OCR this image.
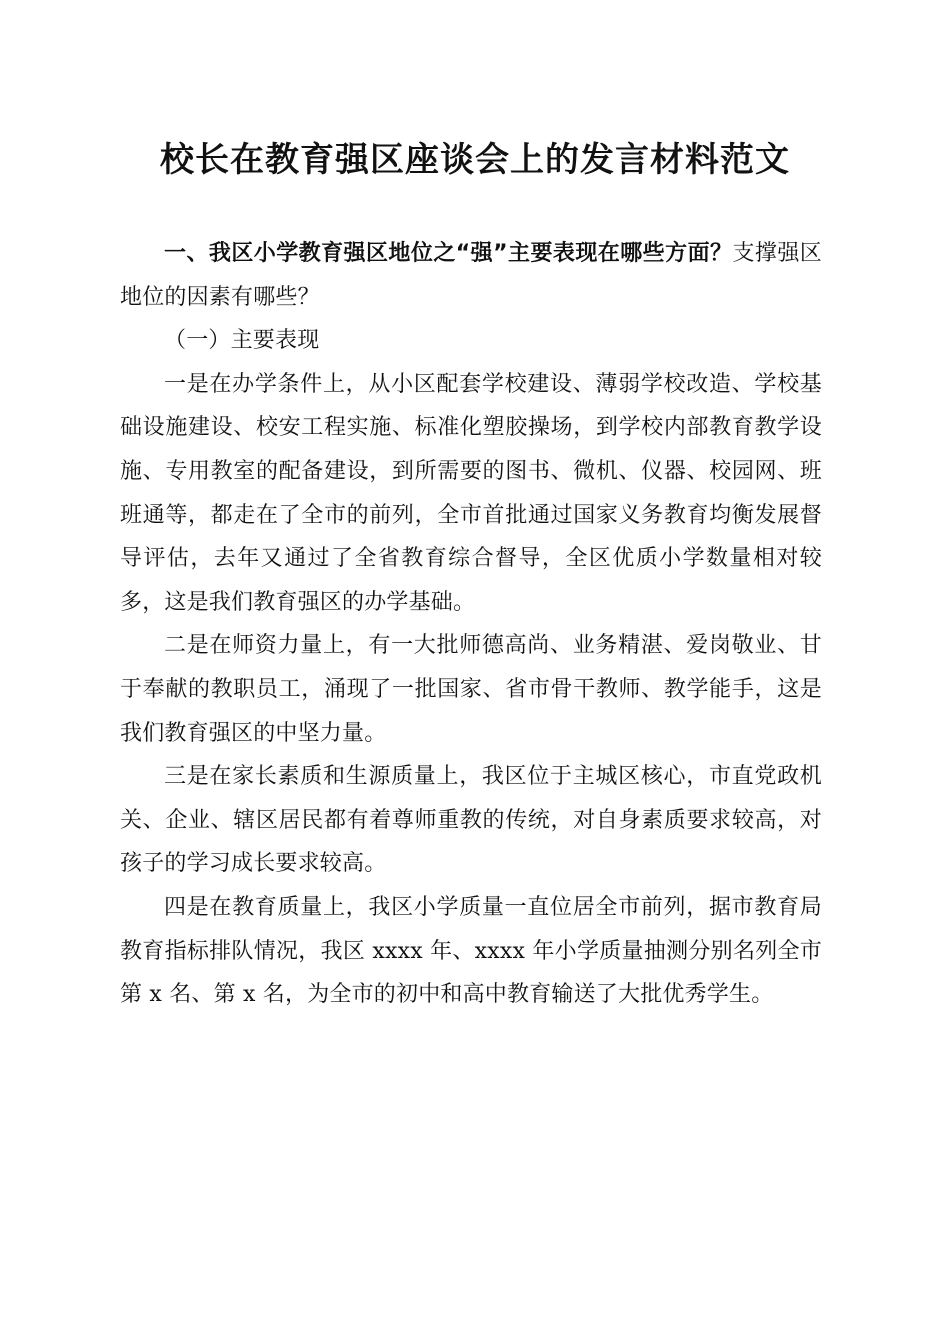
校长在教育强区座谈会上的发言材料范文

一、我区小学教育强区地位之“强”主要表现在哪些方面？支撑强区地位的因素有哪些？

（一）主要表现

一是在办学条件上，从小区配套学校建设、薄弱学校改造、学校基础设施建设、校安工程实施、标准化塑胶操场，到学校内部教育教学设施、专用教室的配备建设，到所需要的图书、微机、仪器、校园网、班班通等，都走在了全市的前列，全市首批通过国家义务教育均衡发展督导评估，去年又通过了全省教育综合督导，全区优质小学数量相对较多，这是我们教育强区的办学基础。

二是在师资力量上，有一大批师德高尚、业务精湛、爱岗敬业、甘于奉献的教职员工，涌现了一批国家、省市骨干教师、教学能手，这是我们教育强区的中坚力量。

三是在家长素质和生源质量上，我区位于主城区核心，市直党政机关、企业、辖区居民都有着尊师重教的传统，对自身素质要求较高，对孩子的学习成长要求较高。

四是在教育质量上，我区小学质量一直位居全市前列，据市教育局教育指标排队情况，我区 xxxx 年、xxxx 年小学质量抽测分别名列全市第 x 名、第 x 名，为全市的初中和高中教育输送了大批优秀学生。
